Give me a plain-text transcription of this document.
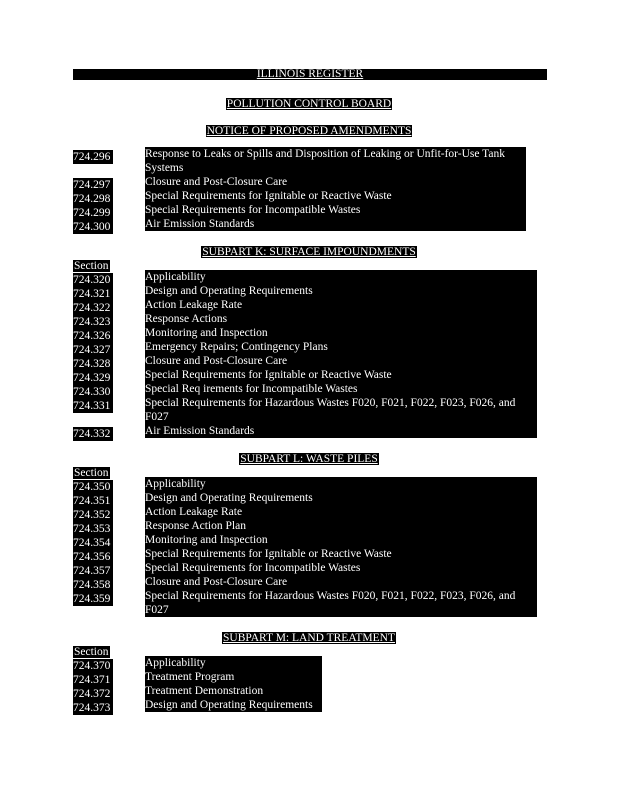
ILLINOIS REGISTER
POLLUTION CONTROL BOARD
NOTICE OF PROPOSED AMENDMENTS
724.296	Response to Leaks or Spills and Disposition of Leaking or Unfit-for-Use Tank
Systems
724.297	Closure and Post-Closure Care
724.298	Special Requirements for Ignitable or Reactive Waste
724.299	Special Requirements for Incompatible Wastes
724.300	Air Emission Standards
SUBPART K: SURFACE IMPOUNDMENTS
Section
724.320	Applicability
724.321	Design and Operating Requirements
724.322	Action Leakage Rate
724.323	Response Actions
724.326	Monitoring and Inspection
724.327	Emergency Repairs; Contingency Plans
724.328	Closure and Post-Closure Care
724.329	Special Requirements for Ignitable or Reactive Waste
724.330	Special Req irements for Incompatible Wastes
724.331	Special Requirements for Hazardous Wastes F020, F021, F022, F023, F026, and
F027
724.332	Air Emission Standards
SUBPART L: WASTE PILES
Section
724.350	Applicability
724.351	Design and Operating Requirements
724.352	Action Leakage Rate
724.353	Response Action Plan
724.354	Monitoring and Inspection
724.356	Special Requirements for Ignitable or Reactive Waste
724.357	Special Requirements for Incompatible Wastes
724.358	Closure and Post-Closure Care
724.359	Special Requirements for Hazardous Wastes F020, F021, F022, F023, F026, and
F027
SUBPART M: LAND TREATMENT
Section
724.370	Applicability
724.371	Treatment Program
724.372	Treatment Demonstration
724.373	Design and Operating Requirements
